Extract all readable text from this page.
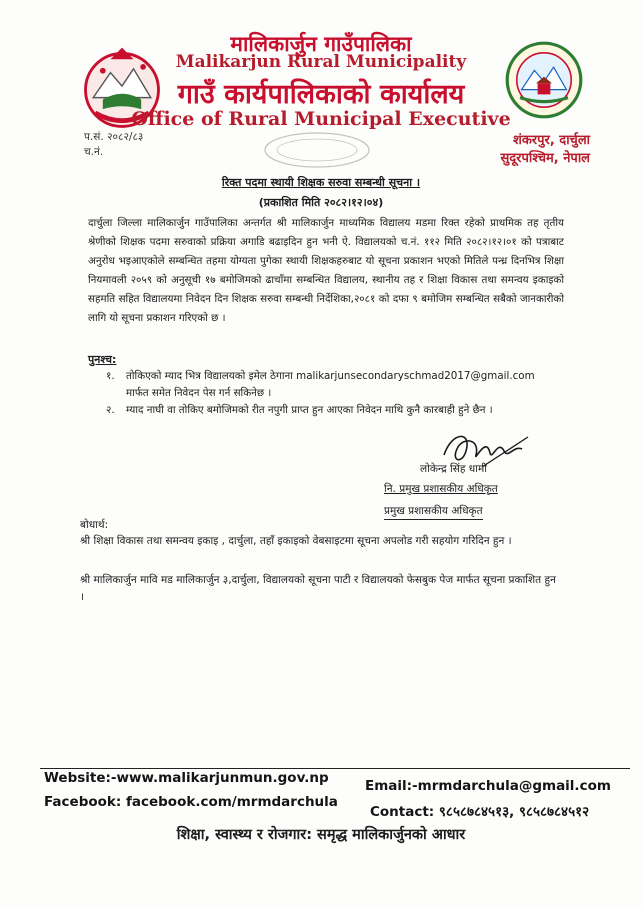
मालिकार्जुन गाउँपालिका
Malikarjun Rural Municipality
गाउँ कार्यपालिकाको कार्यालय
Office of Rural Municipal Executive
प.सं. २०८२/८३
च.नं.
शंकरपुर, दार्चुला
सुदूरपश्चिम, नेपाल
रिक्त पदमा स्थायी शिक्षक सरुवा सम्बन्धी सूचना ।
(प्रकाशित मिति २०८२।१२।०४)
दार्चुला जिल्ला मालिकार्जुन गाउँपालिका अन्तर्गत श्री मालिकार्जुन माध्यमिक विद्यालय मडमा रिक्त रहेको प्राथमिक तह तृतीय श्रेणीको शिक्षक पदमा सरुवाको प्रक्रिया अगाडि बढाइदिन हुन भनी ऐ. विद्यालयको च.नं. ११२ मिति २०८२।१२।०१ को पत्राबाट अनुरोध भइआएकोले सम्बन्धित तहमा योग्यता पुगेका स्थायी शिक्षकहरुबाट यो सूचना प्रकाशन भएको मितिले पन्ध्र दिनभित्र शिक्षा नियमावली २०५९ को अनुसूची १७ बमोजिमको ढाचाँमा सम्बन्धित विद्यालय, स्थानीय तह र शिक्षा विकास तथा समन्वय इकाइको सहमति सहित विद्यालयमा निवेदन दिन शिक्षक सरुवा सम्बन्धी निर्देशिका,२०८१ को दफा ९ बमोजिम सम्बन्धित सबैको जानकारीको लागि यो सूचना प्रकाशन गरिएको छ ।
पुनश्च:
१. तोकिएको म्याद भित्र विद्यालयको इमेल ठेगाना malikarjunsecondaryschmad2017@gmail.com मार्फत समेत निवेदन पेस गर्न सकिनेछ ।
२. म्याद नाघी वा तोकिए बमोजिमको रीत नपुगी प्राप्त हुन आएका निवेदन माथि कुनै कारबाही हुने छैन ।
लोकेन्द्र सिंह धामी
नि. प्रमुख प्रशासकीय अधिकृत
प्रमुख प्रशासकीय अधिकृत
बोधार्थ:
श्री शिक्षा विकास तथा समन्वय इकाइ , दार्चुला, तहाँ इकाइको वेबसाइटमा सूचना अपलोड गरी सहयोग गरिदिन हुन ।
श्री मालिकार्जुन मावि मड मालिकार्जुन ३,दार्चुला, विद्यालयको सूचना पाटी र विद्यालयको फेसबुक पेज मार्फत सूचना प्रकाशित हुन ।
Website:-www.malikarjunmun.gov.np	Email:-mrmdarchula@gmail.com
Facebook: facebook.com/mrmdarchula
Contact: ९८५८७८४५१३, ९८५८७८४५१२
शिक्षा, स्वास्थ्य र रोजगार: समृद्ध मालिकार्जुनको आधार
